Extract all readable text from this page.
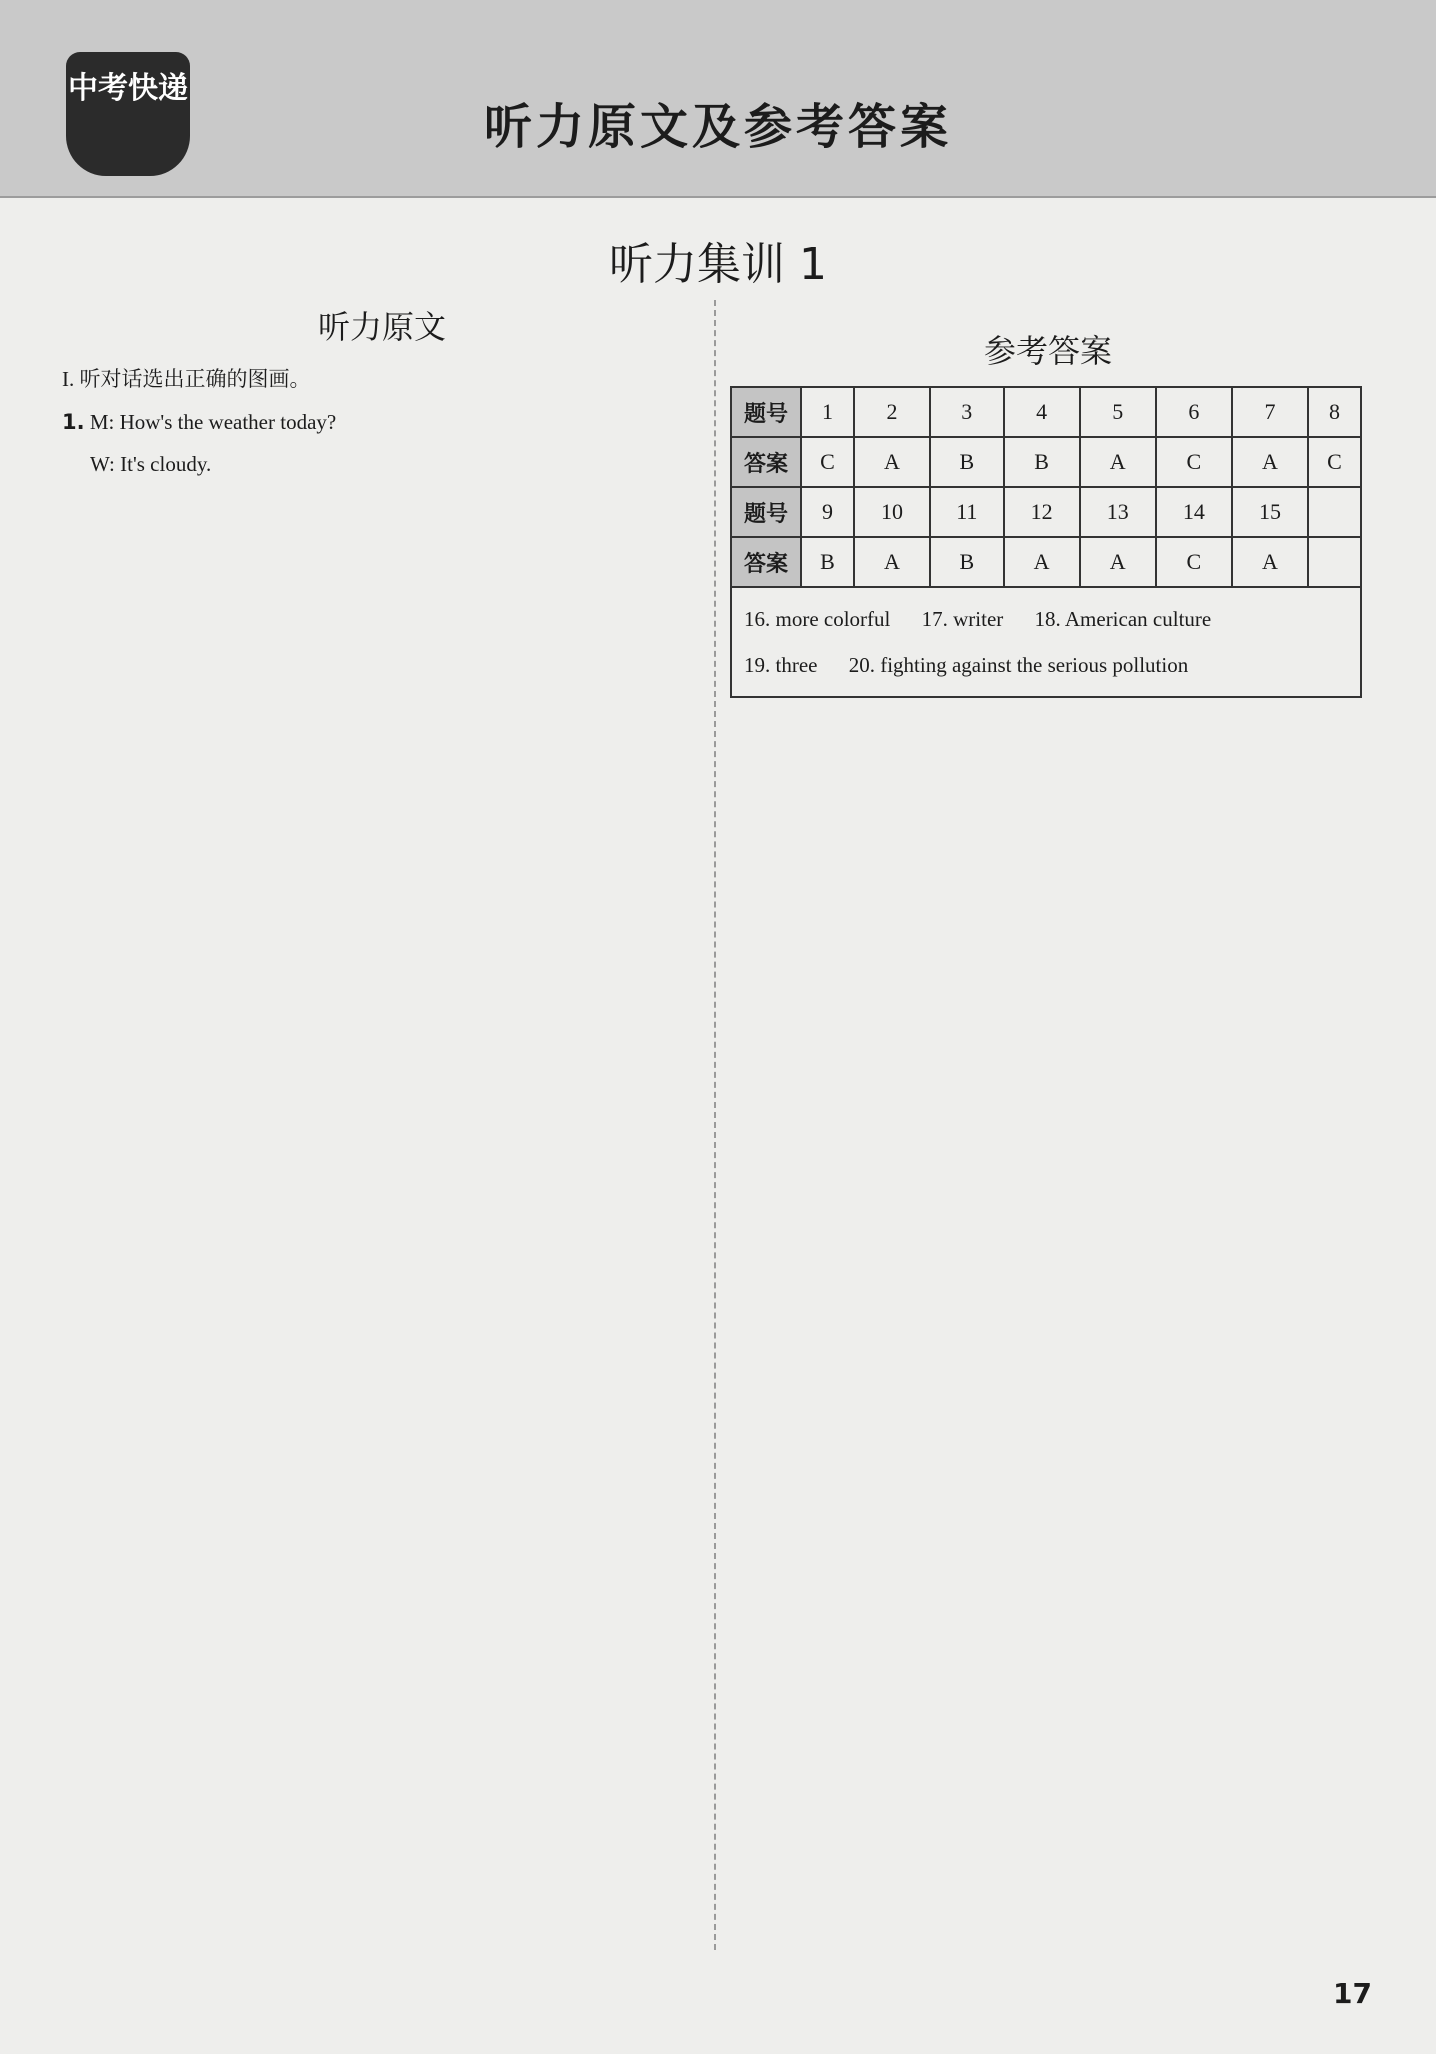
中考快递
听力原文及参考答案
听力集训 1
听力原文
I. 听对话选出正确的图画。
1. M: How's the weather today?
W: It's cloudy.
参考答案
题号	1	2	3	4	5	6	7	8
答案	C	A	B	B	A	C	A	C
题号	9	10	11	12	13	14	15	
答案	B	A	B	A	A	C	A	
16. more colorful 17. writer 18. American culture
19. three 20. fighting against the serious pollution
17
